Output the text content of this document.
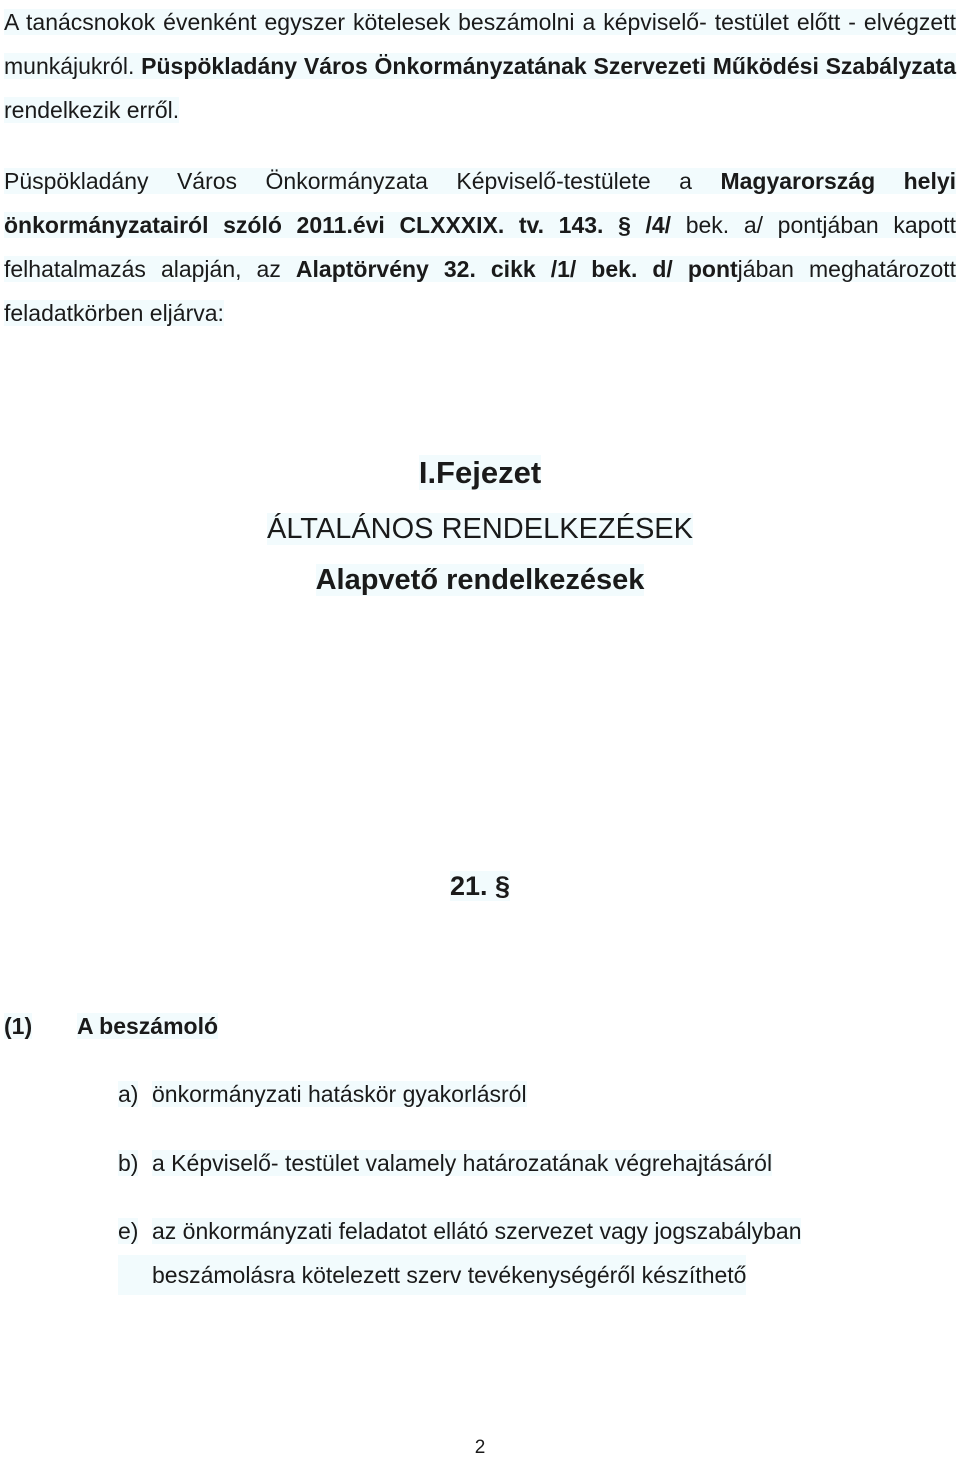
A tanácsnokok évenként egyszer kötelesek beszámolni a képviselő- testület előtt - elvégzett munkájukról. Püspökladány Város Önkormányzatának Szervezeti Működési Szabályzata rendelkezik erről.

Püspökladány Város Önkormányzata Képviselő-testülete a Magyarország helyi önkormányzatairól szóló 2011.évi CLXXXIX. tv. 143. § /4/ bek. a/ pontjában kapott felhatalmazás alapján, az Alaptörvény 32. cikk /1/ bek. d/ pontjában meghatározott feladatkörben eljárva:

I.Fejezet

ÁLTALÁNOS RENDELKEZÉSEK

Alapvető rendelkezések

21. §

(1) A beszámoló
a) önkormányzati hatáskör gyakorlásról
b) a Képviselő- testület valamely határozatának végrehajtásáról
e) az önkormányzati feladatot ellátó szervezet vagy jogszabályban
beszámolásra kötelezett szerv tevékenységéről készíthető
2
